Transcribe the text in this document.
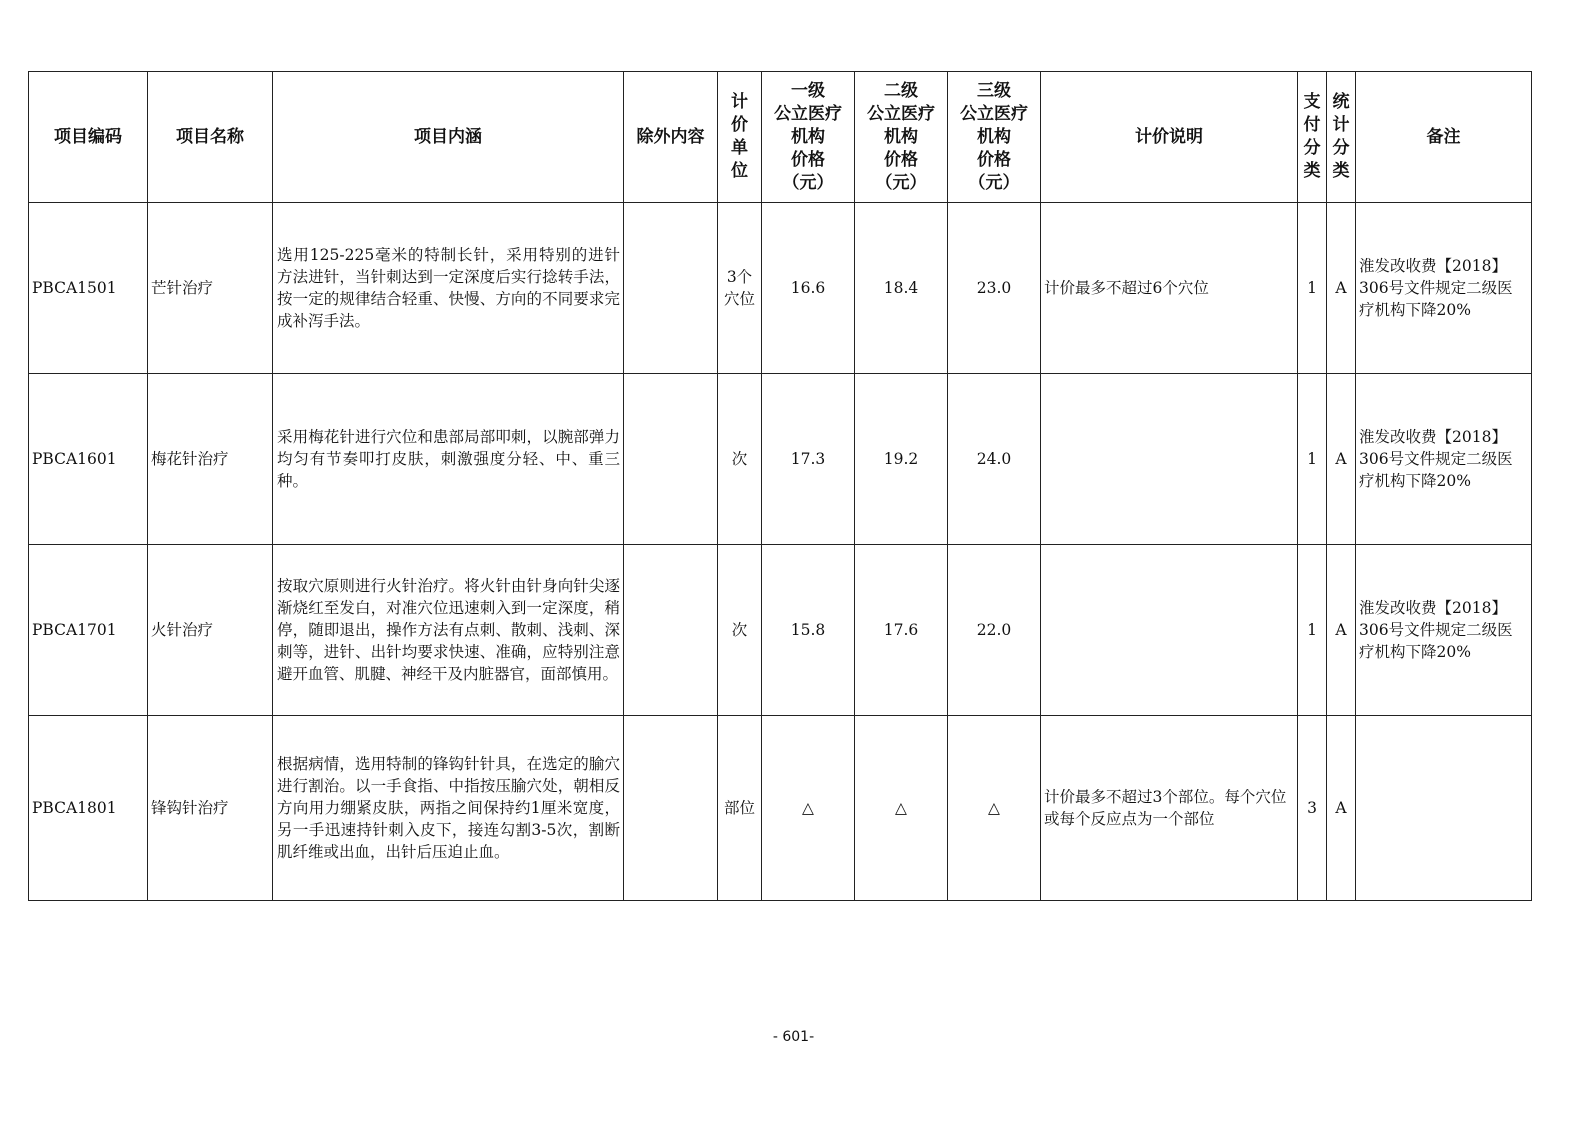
项目编码	项目名称	项目内涵	除外内容	计
价
单
位	一级
公立医疗
机构
价格
（元）	二级
公立医疗
机构
价格
（元）	三级
公立医疗
机构
价格
（元）	计价说明	支
付
分
类	统
计
分
类	备注
PBCA1501	芒针治疗	选用125-225毫米的特制长针，采用特别的进针方法进针，当针刺达到一定深度后实行捻转手法，按一定的规律结合轻重、快慢、方向的不同要求完成补泻手法。		3个
穴位	16.6	18.4	23.0	计价最多不超过6个穴位	1	A	淮发改收费【2018】306号文件规定二级医疗机构下降20%
PBCA1601	梅花针治疗	采用梅花针进行穴位和患部局部叩刺，以腕部弹力均匀有节奏叩打皮肤，刺激强度分轻、中、重三种。		次	17.3	19.2	24.0		1	A	淮发改收费【2018】306号文件规定二级医疗机构下降20%
PBCA1701	火针治疗	按取穴原则进行火针治疗。将火针由针身向针尖逐渐烧红至发白，对准穴位迅速刺入到一定深度，稍停，随即退出，操作方法有点刺、散刺、浅刺、深刺等，进针、出针均要求快速、准确，应特别注意避开血管、肌腱、神经干及内脏器官，面部慎用。		次	15.8	17.6	22.0		1	A	淮发改收费【2018】306号文件规定二级医疗机构下降20%
PBCA1801	锋钩针治疗	根据病情，选用特制的锋钩针针具，在选定的腧穴进行割治。以一手食指、中指按压腧穴处，朝相反方向用力绷紧皮肤，两指之间保持约1厘米宽度，另一手迅速持针刺入皮下，接连勾割3-5次，割断肌纤维或出血，出针后压迫止血。		部位	△	△	△	计价最多不超过3个部位。每个穴位或每个反应点为一个部位	3	A	
- 601-
